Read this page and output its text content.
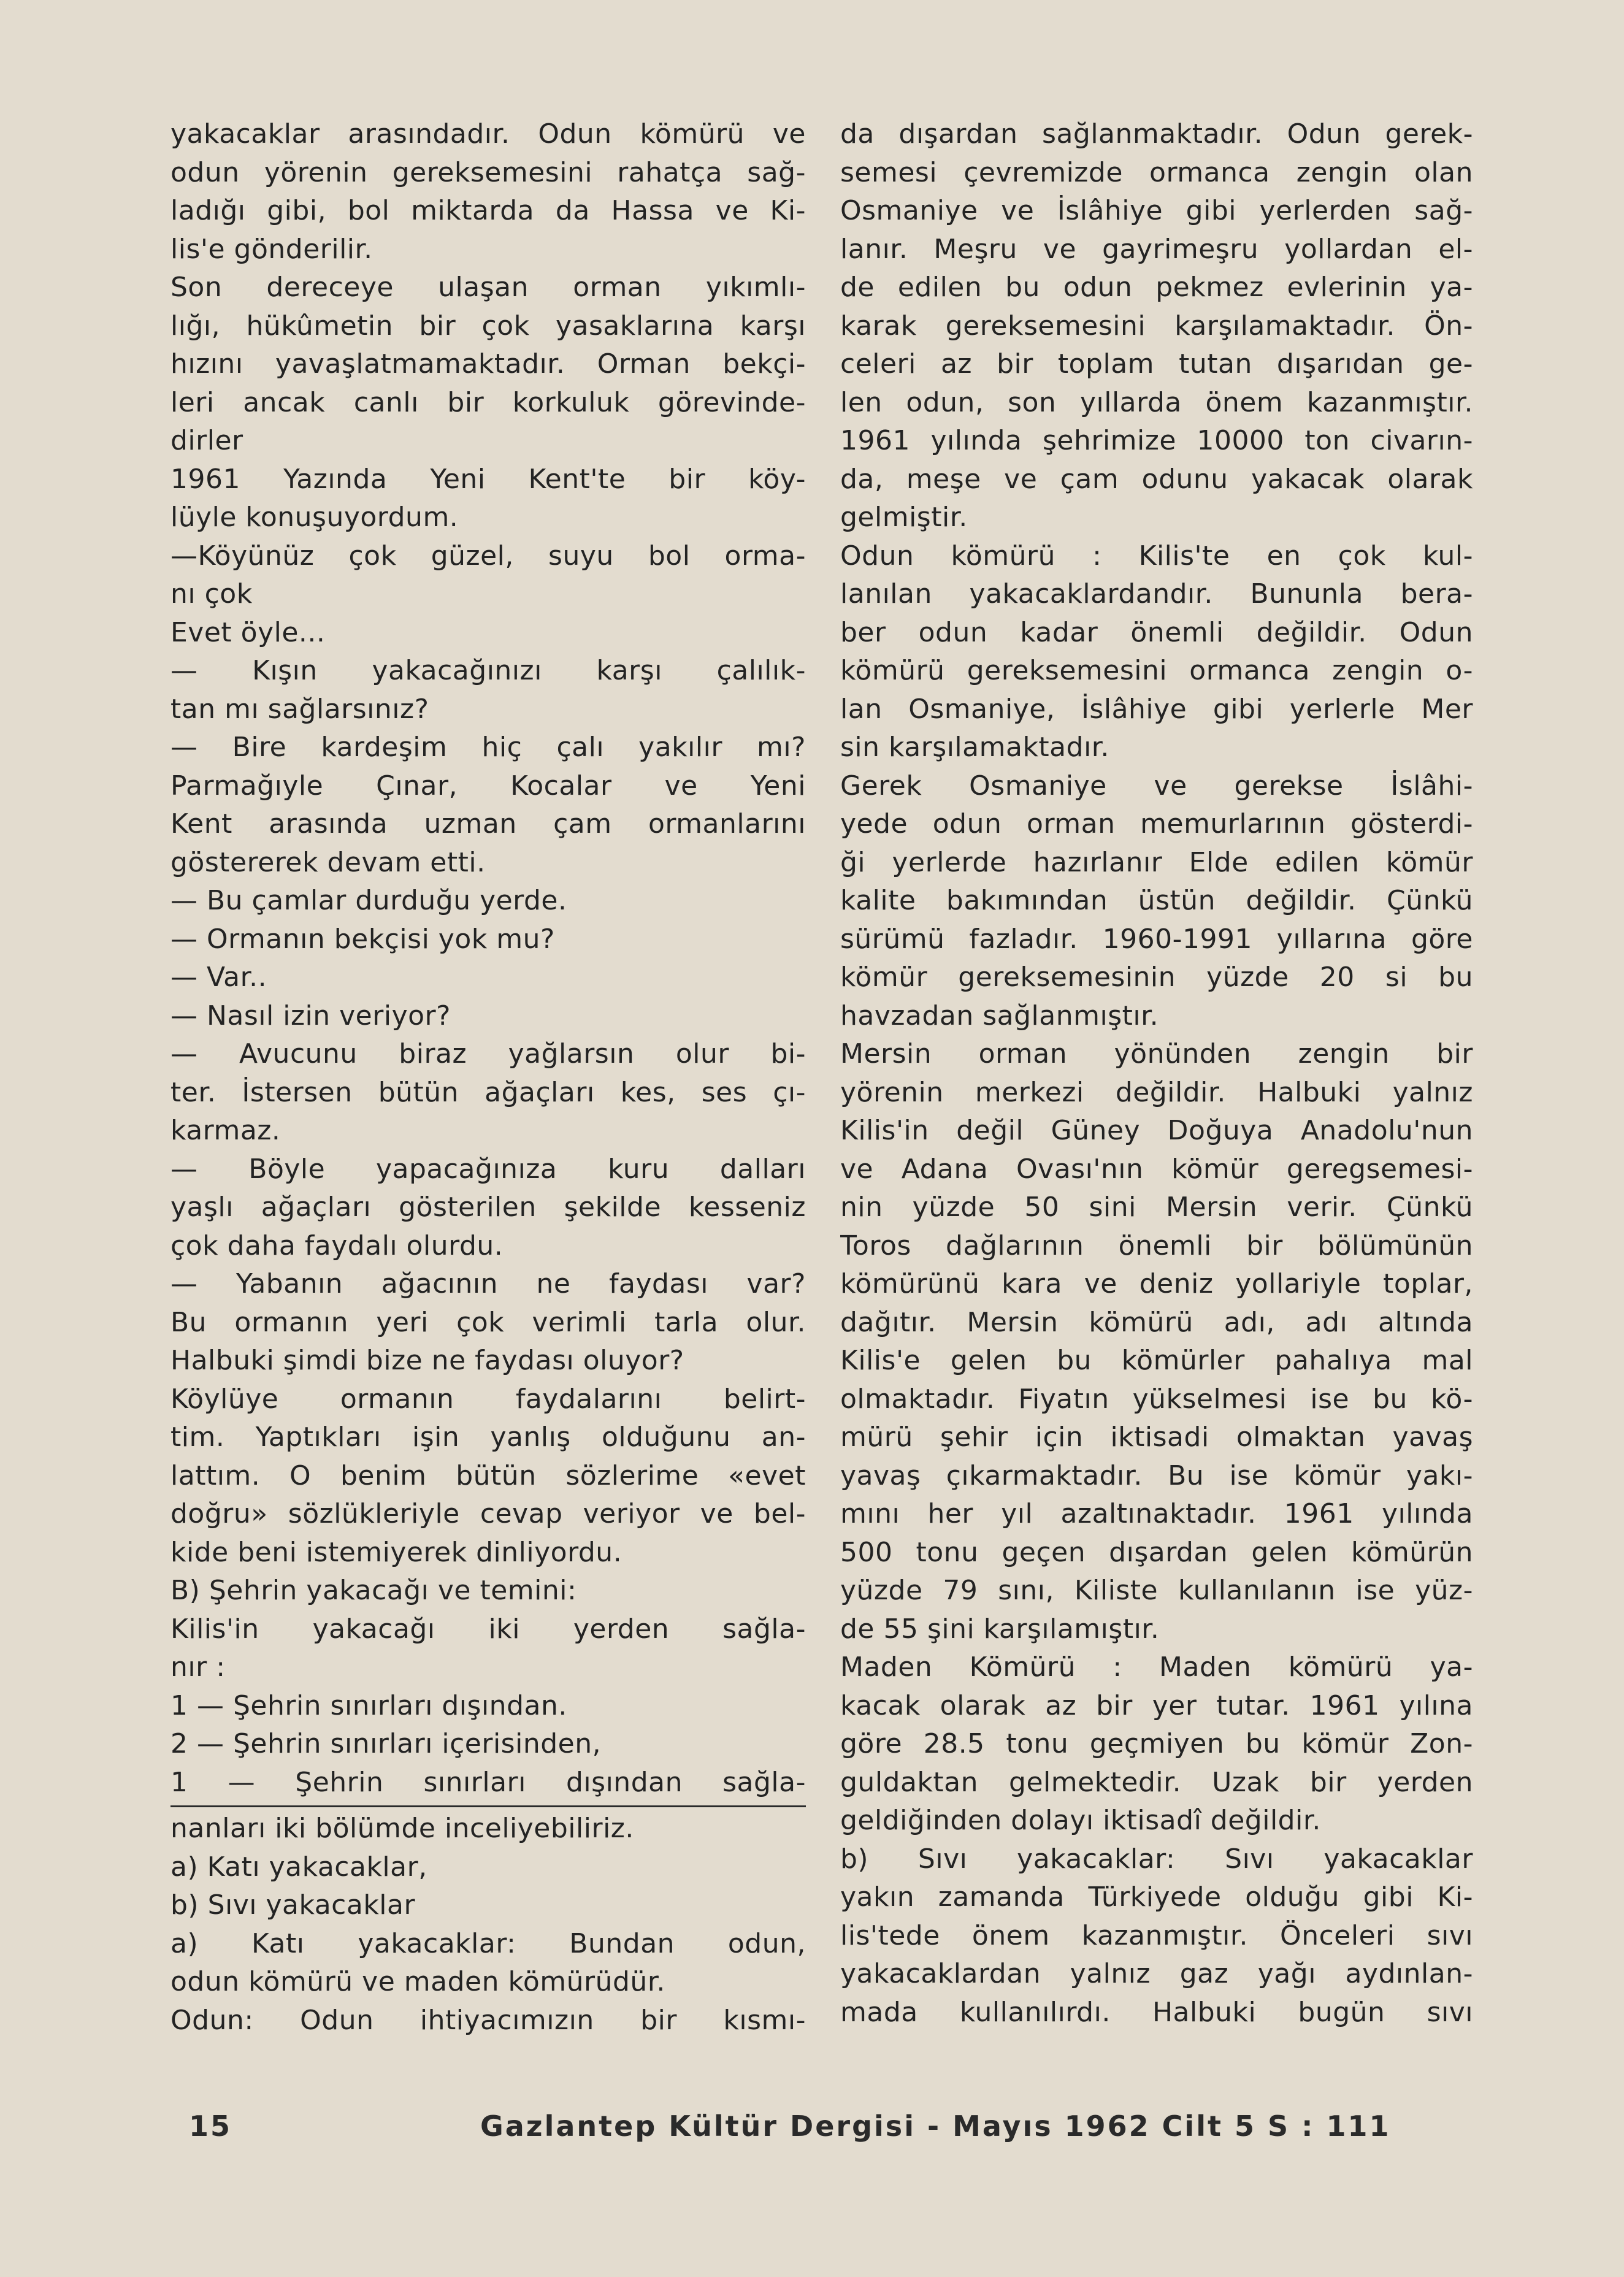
yakacaklar arasındadır. Odun kömürü ve

odun yörenin gereksemesini rahatça sağ-

ladığı gibi, bol miktarda da Hassa ve Ki-

lis'e gönderilir.

Son dereceye ulaşan orman yıkımlı-

lığı, hükûmetin bir çok yasaklarına karşı

hızını yavaşlatmamaktadır. Orman bekçi-

leri ancak canlı bir korkuluk görevinde-

dirler

1961 Yazında Yeni Kent'te bir köy-

lüyle konuşuyordum.

—Köyünüz çok güzel, suyu bol orma-

nı çok

Evet öyle...

— Kışın yakacağınızı karşı çalılık-

tan mı sağlarsınız?

— Bire kardeşim hiç çalı yakılır mı?

Parmağıyle Çınar, Kocalar ve Yeni

Kent arasında uzman çam ormanlarını

göstererek devam etti.

— Bu çamlar durduğu yerde.

— Ormanın bekçisi yok mu?

— Var..

— Nasıl izin veriyor?

— Avucunu biraz yağlarsın olur bi-

ter. İstersen bütün ağaçları kes, ses çı-

karmaz.

— Böyle yapacağınıza kuru dalları

yaşlı ağaçları gösterilen şekilde kesseniz

çok daha faydalı olurdu.

— Yabanın ağacının ne faydası var?

Bu ormanın yeri çok verimli tarla olur.

Halbuki şimdi bize ne faydası oluyor?

Köylüye ormanın faydalarını belirt-

tim. Yaptıkları işin yanlış olduğunu an-

lattım. O benim bütün sözlerime «evet

doğru» sözlükleriyle cevap veriyor ve bel-

kide beni istemiyerek dinliyordu.

B) Şehrin yakacağı ve temini:

Kilis'in yakacağı iki yerden sağla-

nır :

1 — Şehrin sınırları dışından.

2 — Şehrin sınırları içerisinden,

1 — Şehrin sınırları dışından sağla-

nanları iki bölümde inceliyebiliriz.

a) Katı yakacaklar,

b) Sıvı yakacaklar

a) Katı yakacaklar: Bundan odun,

odun kömürü ve maden kömürüdür.

Odun: Odun ihtiyacımızın bir kısmı-

da dışardan sağlanmaktadır. Odun gerek-

semesi çevremizde ormanca zengin olan

Osmaniye ve İslâhiye gibi yerlerden sağ-

lanır. Meşru ve gayrimeşru yollardan el-

de edilen bu odun pekmez evlerinin ya-

karak gereksemesini karşılamaktadır. Ön-

celeri az bir toplam tutan dışarıdan ge-

len odun, son yıllarda önem kazanmıştır.

1961 yılında şehrimize 10000 ton civarın-

da, meşe ve çam odunu yakacak olarak

gelmiştir.

Odun kömürü : Kilis'te en çok kul-

lanılan yakacaklardandır. Bununla bera-

ber odun kadar önemli değildir. Odun

kömürü gereksemesini ormanca zengin o-

lan Osmaniye, İslâhiye gibi yerlerle Mer

sin karşılamaktadır.

Gerek Osmaniye ve gerekse İslâhi-

yede odun orman memurlarının gösterdi-

ği yerlerde hazırlanır Elde edilen kömür

kalite bakımından üstün değildir. Çünkü

sürümü fazladır. 1960-1991 yıllarına göre

kömür gereksemesinin yüzde 20 si bu

havzadan sağlanmıştır.

Mersin orman yönünden zengin bir

yörenin merkezi değildir. Halbuki yalnız

Kilis'in değil Güney Doğuya Anadolu'nun

ve Adana Ovası'nın kömür geregsemesi-

nin yüzde 50 sini Mersin verir. Çünkü

Toros dağlarının önemli bir bölümünün

kömürünü kara ve deniz yollariyle toplar,

dağıtır. Mersin kömürü adı, adı altında

Kilis'e gelen bu kömürler pahalıya mal

olmaktadır. Fiyatın yükselmesi ise bu kö-

mürü şehir için iktisadi olmaktan yavaş

yavaş çıkarmaktadır. Bu ise kömür yakı-

mını her yıl azaltınaktadır. 1961 yılında

500 tonu geçen dışardan gelen kömürün

yüzde 79 sını, Kiliste kullanılanın ise yüz-

de 55 şini karşılamıştır.

Maden Kömürü : Maden kömürü ya-

kacak olarak az bir yer tutar. 1961 yılına

göre 28.5 tonu geçmiyen bu kömür Zon-

guldaktan gelmektedir. Uzak bir yerden

geldiğinden dolayı iktisadî değildir.

b) Sıvı yakacaklar: Sıvı yakacaklar

yakın zamanda Türkiyede olduğu gibi Ki-

lis'tede önem kazanmıştır. Önceleri sıvı

yakacaklardan yalnız gaz yağı aydınlan-

mada kullanılırdı. Halbuki bugün sıvı

15	Gazlantep Kültür Dergisi - Mayıs 1962 Cilt 5 S : 111
